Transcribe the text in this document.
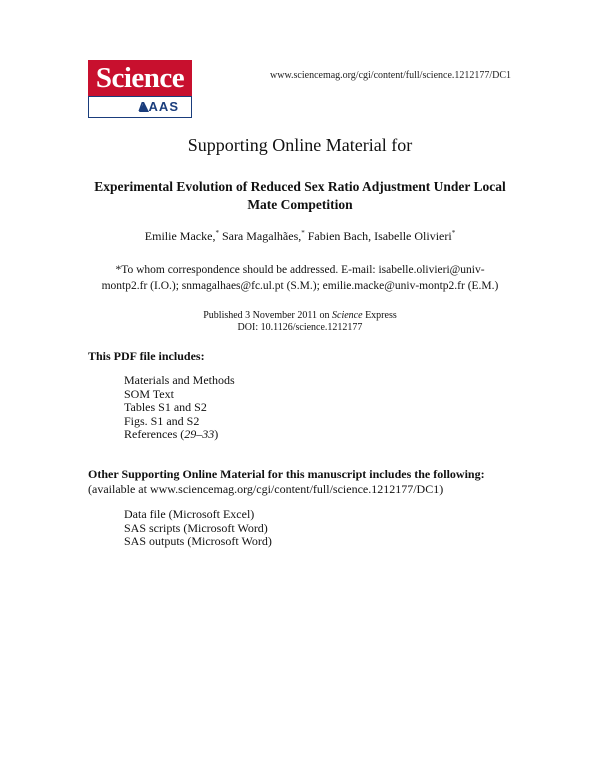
Science
AAAS
www.sciencemag.org/cgi/content/full/science.1212177/DC1
Supporting Online Material for
Experimental Evolution of Reduced Sex Ratio Adjustment Under Local Mate Competition
Emilie Macke,* Sara Magalhães,* Fabien Bach, Isabelle Olivieri*
*To whom correspondence should be addressed. E-mail: isabelle.olivieri@univ-
montp2.fr (I.O.); snmagalhaes@fc.ul.pt (S.M.); emilie.macke@univ-montp2.fr (E.M.)
Published 3 November 2011 on Science Express
DOI: 10.1126/science.1212177
This PDF file includes:
Materials and Methods
SOM Text
Tables S1 and S2
Figs. S1 and S2
References (29–33)
Other Supporting Online Material for this manuscript includes the following:
(available at www.sciencemag.org/cgi/content/full/science.1212177/DC1)
Data file (Microsoft Excel)
SAS scripts (Microsoft Word)
SAS outputs (Microsoft Word)
